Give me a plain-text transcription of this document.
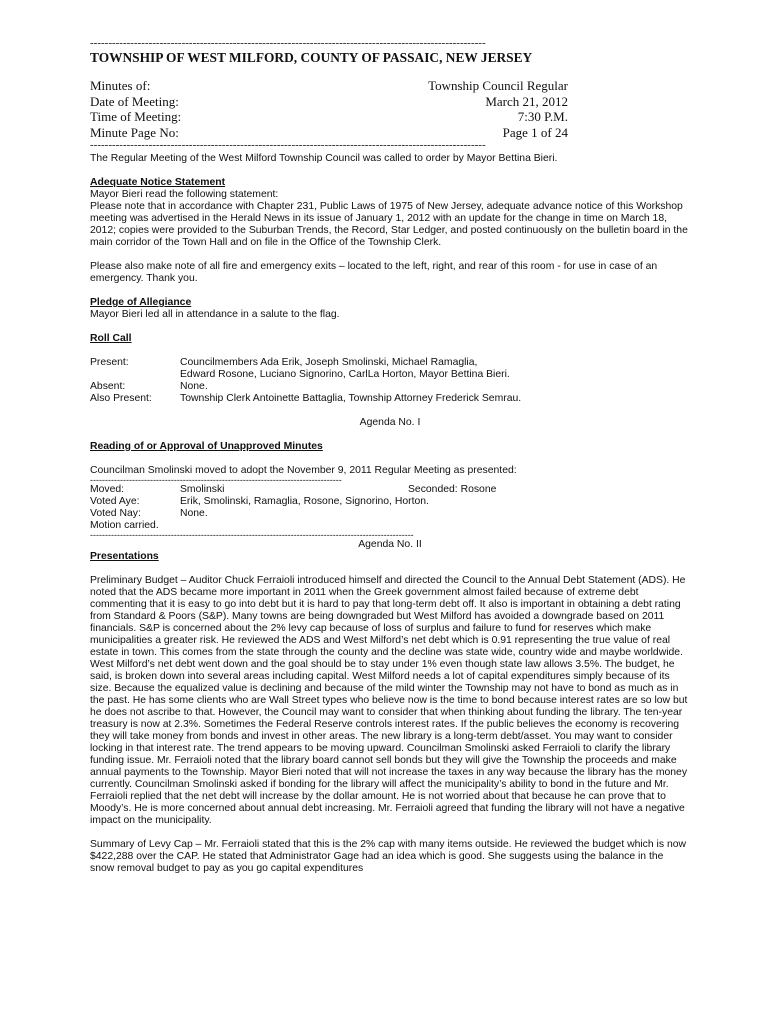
------------------------------------------------------------------------------------------------------------
TOWNSHIP OF WEST MILFORD, COUNTY OF PASSAIC, NEW JERSEY
Minutes of:	Township Council Regular
Date of Meeting:	March 21, 2012
Time of Meeting:	7:30 P.M.
Minute Page No:	Page 1 of 24
------------------------------------------------------------------------------------------------------------

The Regular Meeting of the West Milford Township Council was called to order by Mayor Bettina Bieri.

Adequate Notice Statement

Mayor Bieri read the following statement:

Please note that in accordance with Chapter 231, Public Laws of 1975 of New Jersey, adequate advance notice of this Workshop meeting was advertised in the Herald News in its issue of January 1, 2012 with an update for the change in time on March 18, 2012; copies were provided to the Suburban Trends, the Record, Star Ledger, and posted continuously on the bulletin board in the main corridor of the Town Hall and on file in the Office of the Township Clerk.

Please also make note of all fire and emergency exits – located to the left, right, and rear of this room - for use in case of an emergency. Thank you.

Pledge of Allegiance

Mayor Bieri led all in attendance in a salute to the flag.

Roll Call

Present:	Councilmembers Ada Erik, Joseph Smolinski, Michael Ramaglia,
Edward Rosone, Luciano Signorino, CarlLa Horton, Mayor Bettina Bieri.
Absent:	None.
Also Present:	Township Clerk Antoinette Battaglia, Township Attorney Frederick Semrau.

Agenda No. I

Reading of or Approval of Unapproved Minutes

Councilman Smolinski moved to adopt the November 9, 2011 Regular Meeting as presented:

------------------------------------------------------------------------------------
Moved:	Smolinski	Seconded: Rosone
Voted Aye:	Erik, Smolinski, Ramaglia, Rosone, Signorino, Horton.
Voted Nay:	None.

Motion carried.

------------------------------------------------------------------------------------------------------------

Agenda No. II

Presentations

Preliminary Budget – Auditor Chuck Ferraioli introduced himself and directed the Council to the Annual Debt Statement (ADS). He noted that the ADS became more important in 2011 when the Greek government almost failed because of extreme debt commenting that it is easy to go into debt but it is hard to pay that long-term debt off. It also is important in obtaining a debt rating from Standard & Poors (S&P). Many towns are being downgraded but West Milford has avoided a downgrade based on 2011 financials. S&P is concerned about the 2% levy cap because of loss of surplus and failure to fund for reserves which make municipalities a greater risk. He reviewed the ADS and West Milford’s net debt which is 0.91 representing the true value of real estate in town. This comes from the state through the county and the decline was state wide, country wide and maybe worldwide. West Milford’s net debt went down and the goal should be to stay under 1% even though state law allows 3.5%. The budget, he said, is broken down into several areas including capital. West Milford needs a lot of capital expenditures simply because of its size. Because the equalized value is declining and because of the mild winter the Township may not have to bond as much as in the past. He has some clients who are Wall Street types who believe now is the time to bond because interest rates are so low but he does not ascribe to that. However, the Council may want to consider that when thinking about funding the library. The ten-year treasury is now at 2.3%. Sometimes the Federal Reserve controls interest rates. If the public believes the economy is recovering they will take money from bonds and invest in other areas. The new library is a long-term debt/asset. You may want to consider locking in that interest rate. The trend appears to be moving upward. Councilman Smolinski asked Ferraioli to clarify the library funding issue. Mr. Ferraioli noted that the library board cannot sell bonds but they will give the Township the proceeds and make annual payments to the Township. Mayor Bieri noted that will not increase the taxes in any way because the library has the money currently. Councilman Smolinski asked if bonding for the library will affect the municipality’s ability to bond in the future and Mr. Ferraioli replied that the net debt will increase by the dollar amount. He is not worried about that because he can prove that to Moody’s. He is more concerned about annual debt increasing. Mr. Ferraioli agreed that funding the library will not have a negative impact on the municipality.

Summary of Levy Cap – Mr. Ferraioli stated that this is the 2% cap with many items outside. He reviewed the budget which is now $422,288 over the CAP. He stated that Administrator Gage had an idea which is good. She suggests using the balance in the snow removal budget to pay as you go capital expenditures
